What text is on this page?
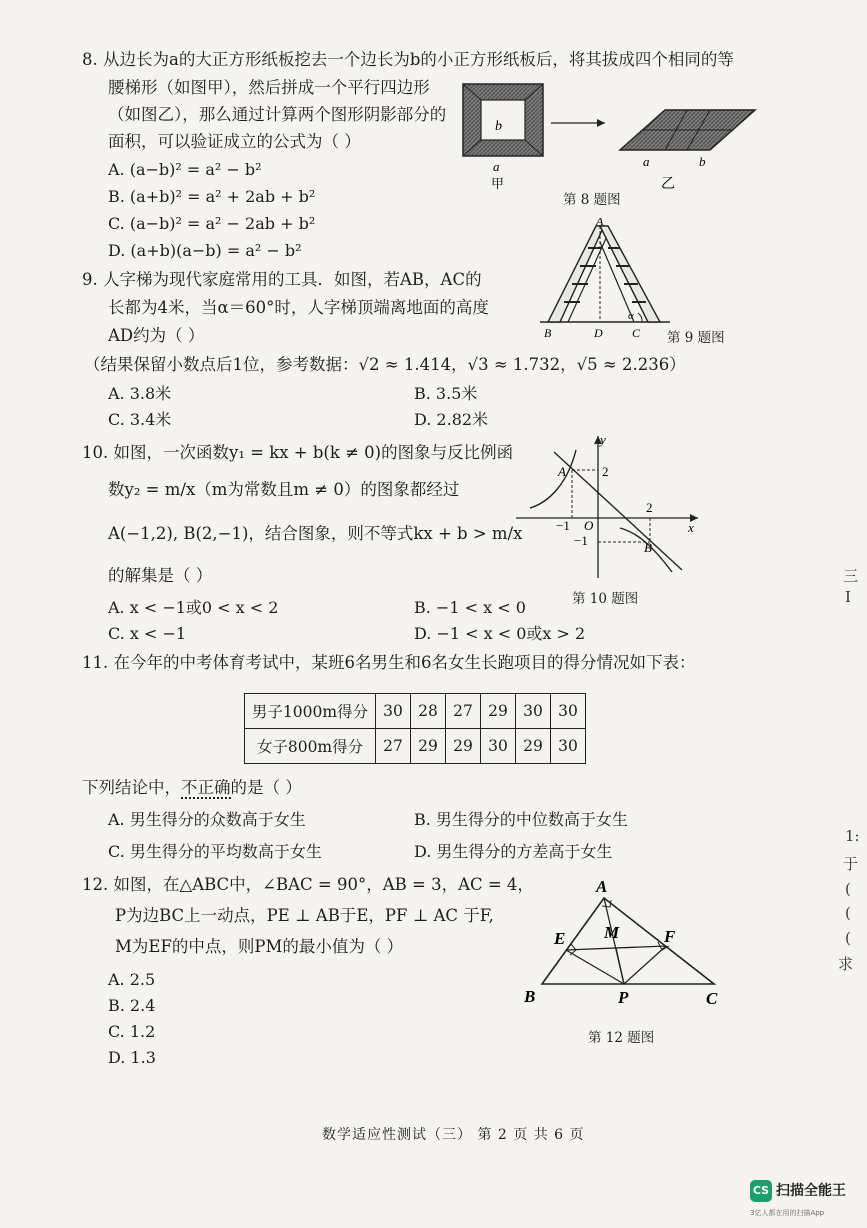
8. 从边长为a的大正方形纸板挖去一个边长为b的小正方形纸板后，将其拔成四个相同的等
腰梯形（如图甲），然后拼成一个平行四边形
（如图乙），那么通过计算两个图形阴影部分的
面积，可以验证成立的公式为（ ）
A. (a−b)² = a² − b²
B. (a+b)² = a² + 2ab + b²
C. (a−b)² = a² − 2ab + b²
D. (a+b)(a−b) = a² − b²
b
a
甲
a	b
乙
第 8 题图
9. 人字梯为现代家庭常用的工具．如图，若AB，AC的
长都为4米，当α＝60°时，人字梯顶端离地面的高度
AD约为（ ）
（结果保留小数点后1位，参考数据：√2 ≈ 1.414，√3 ≈ 1.732，√5 ≈ 2.236）
A. 3.8米	B. 3.5米
C. 3.4米	D. 2.82米
A
B	D C
α
第 9 题图
10. 如图，一次函数y₁ = kx + b(k ≠ 0)的图象与反比例函
数y₂ = m/x（m为常数且m ≠ 0）的图象都经过
A(−1,2), B(2,−1)，结合图象，则不等式kx + b > m/x
的解集是（ ）
A. x < −1或0 < x < 2	B. −1 < x < 0
C. x < −1	D. −1 < x < 0或x > 2
y
x
A
B
O
2
2
−1
−1
第 10 题图
11. 在今年的中考体育考试中，某班6名男生和6名女生长跑项目的得分情况如下表：
男子1000m得分	30	28	27	29	30	30
女子800m得分	27	29	29	30	29	30
下列结论中，不正确的是（ ）
A. 男生得分的众数高于女生	B. 男生得分的中位数高于女生
C. 男生得分的平均数高于女生	D. 男生得分的方差高于女生
12. 如图，在△ABC中，∠BAC = 90°，AB = 3，AC = 4，
P为边BC上一动点，PE ⊥ AB于E，PF ⊥ AC 于F,
M为EF的中点，则PM的最小值为（ ）
A. 2.5
B. 2.4
C. 1.2
D. 1.3
A
B	C
E	F
M
P
第 12 题图
数学适应性测试（三） 第 2 页 共 6 页
三
I
1:
于
(
(
(
求
CS 扫描全能王
3亿人都在用的扫描App
